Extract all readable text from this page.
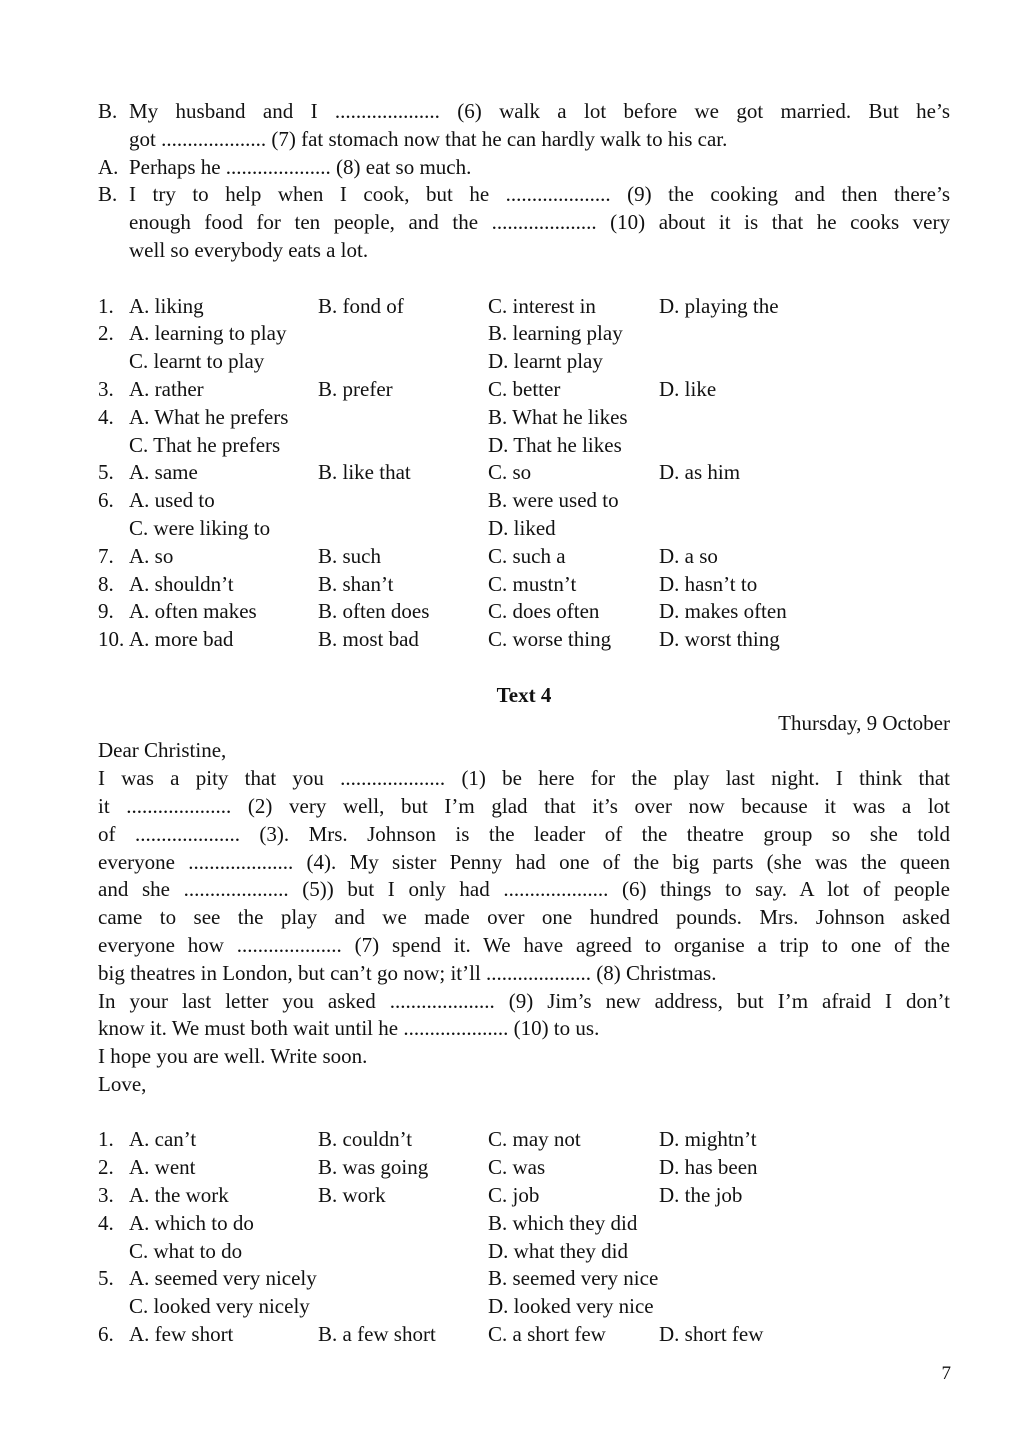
B. My husband and I .................... (6) walk a lot before we got married. But he’s
got .................... (7) fat stomach now that he can hardly walk to his car.
A. Perhaps he .................... (8) eat so much.
B. I try to help when I cook, but he .................... (9) the cooking and then there’s
enough food for ten people, and the .................... (10) about it is that he cooks very
well so everybody eats a lot.
1. A. liking	B. fond of	C. interest in	D. playing the
2. A. learning to play	B. learning play
C. learnt to play	D. learnt play
3. A. rather	B. prefer	C. better	D. like
4. A. What he prefers	B. What he likes
C. That he prefers	D. That he likes
5. A. same	B. like that	C. so	D. as him
6. A. used to	B. were used to
C. were liking to	D. liked
7. A. so	B. such	C. such a	D. a so
8. A. shouldn’t	B. shan’t	C. mustn’t	D. hasn’t to
9. A. often makes	B. often does	C. does often	D. makes often
10. A. more bad	B. most bad	C. worse thing D. worst thing
Text 4
Thursday, 9 October
Dear Christine,
I was a pity that you .................... (1) be here for the play last night. I think that
it .................... (2) very well, but I’m glad that it’s over now because it was a lot
of .................... (3). Mrs. Johnson is the leader of the theatre group so she told
everyone .................... (4). My sister Penny had one of the big parts (she was the queen
and she .................... (5)) but I only had .................... (6) things to say. A lot of people
came to see the play and we made over one hundred pounds. Mrs. Johnson asked
everyone how .................... (7) spend it. We have agreed to organise a trip to one of the
big theatres in London, but can’t go now; it’ll .................... (8) Christmas.
In your last letter you asked .................... (9) Jim’s new address, but I’m afraid I don’t
know it. We must both wait until he .................... (10) to us.
I hope you are well. Write soon.
Love,
1. A. can’t	B. couldn’t	C. may not	D. mightn’t
2. A. went	B. was going	C. was	D. has been
3. A. the work	B. work	C. job	D. the job
4. A. which to do	B. which they did
C. what to do	D. what they did
5. A. seemed very nicely	B. seemed very nice
C. looked very nicely	D. looked very nice
6. A. few short	B. a few short C. a short few	D. short few
7
